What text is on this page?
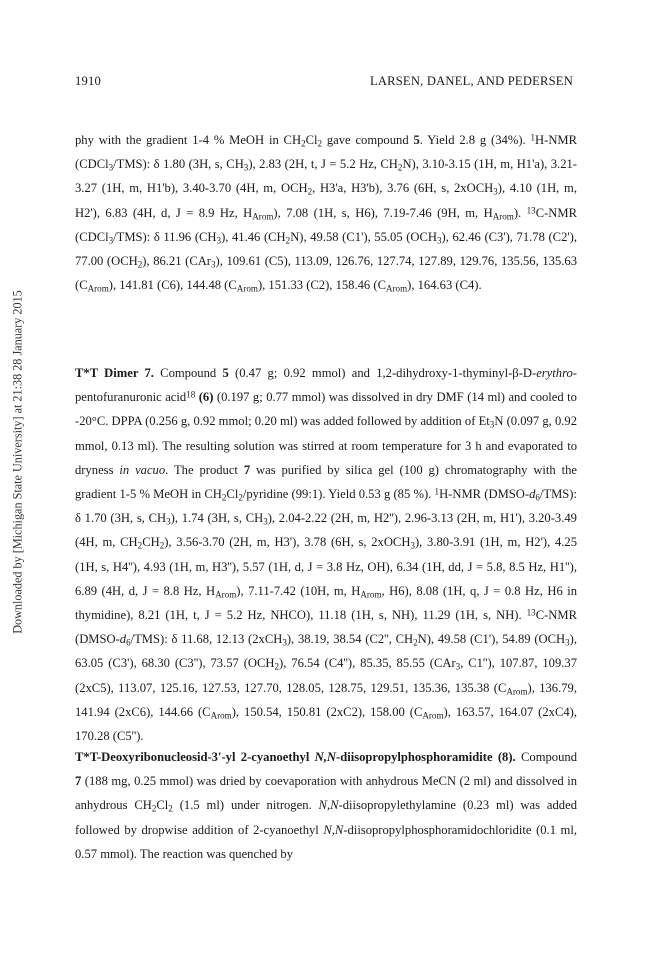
1910	LARSEN, DANEL, AND PEDERSEN
Downloaded by [Michigan State University] at 21:38 28 January 2015

phy with the gradient 1-4 % MeOH in $CH_2Cl_2$ gave compound 5. Yield 2.8 g (34%). $^1$H-NMR (CDCl$_3$/TMS): δ 1.80 (3H, s, $CH_3$), 2.83 (2H, t, J = 5.2 Hz, $CH_2N$), 3.10-3.15 (1H, m, H1'a), 3.21-3.27 (1H, m, H1'b), 3.40-3.70 (4H, m, $OCH_2$, H3'a, H3'b), 3.76 (6H, s, 2xOCH$_3$), 4.10 (1H, m, H2'), 6.83 (4H, d, J = 8.9 Hz, $H_{Arom}$), 7.08 (1H, s, H6), 7.19-7.46 (9H, m, $H_{Arom}$). $^{13}$C-NMR (CDCl$_3$/TMS): δ 11.96 $(CH_3)$, 41.46 $(CH_2N)$, 49.58 (C1'), 55.05 $(OCH_3)$, 62.46 (C3'), 71.78 (C2'), 77.00 $(OCH_2)$, 86.21 (CAr$_3$), 109.61 (C5), 113.09, 126.76, 127.74, 127.89, 129.76, 135.56, 135.63 $(C_{Arom})$, 141.81 (C6), 144.48 $(C_{Arom})$, 151.33 (C2), 158.46 $(C_{Arom})$, 164.63 (C4).

T*T Dimer 7. Compound 5 (0.47 g; 0.92 mmol) and 1,2-dihydroxy-1-thyminyl-β-D-erythro-pentofuranuronic acid$^{18}$ (6) (0.197 g; 0.77 mmol) was dissolved in dry DMF (14 ml) and cooled to -20°C. DPPA (0.256 g, 0.92 mmol; 0.20 ml) was added followed by addition of $Et_3N$ (0.097 g, 0.92 mmol, 0.13 ml). The resulting solution was stirred at room temperature for 3 h and evaporated to dryness in vacuo. The product 7 was purified by silica gel (100 g) chromatography with the gradient 1-5 % MeOH in $CH_2Cl_2$/pyridine (99:1). Yield 0.53 g (85 %). $^1$H-NMR $(DMSO-d_6/TMS)$: δ 1.70 (3H, s, $CH_3$), 1.74 (3H, s, $CH_3$), 2.04-2.22 (2H, m, H2''), 2.96-3.13 (2H, m, H1'), 3.20-3.49 (4H, m, $CH_2CH_2$), 3.56-3.70 (2H, m, H3'), 3.78 (6H, s, 2xOCH$_3$), 3.80-3.91 (1H, m, H2'), 4.25 (1H, s, H4''), 4.93 (1H, m, H3''), 5.57 (1H, d, J = 3.8 Hz, OH), 6.34 (1H, dd, J = 5.8, 8.5 Hz, H1''), 6.89 (4H, d, J = 8.8 Hz, $H_{Arom}$), 7.11-7.42 (10H, m, $H_{Arom}$, H6), 8.08 (1H, q, J = 0.8 Hz, H6 in thymidine), 8.21 (1H, t, J = 5.2 Hz, NHCO), 11.18 (1H, s, NH), 11.29 (1H, s, NH). $^{13}$C-NMR $(DMSO-d_6/TMS)$: δ 11.68, 12.13 (2xCH$_3$), 38.19, 38.54 (C2'', $CH_2N$), 49.58 (C1'), 54.89 $(OCH_3)$, 63.05 (C3'), 68.30 (C3''), 73.57 $(OCH_2)$, 76.54 (C4''), 85.35, 85.55 (CAr$_3$, C1''), 107.87, 109.37 (2xC5), 113.07, 125.16, 127.53, 127.70, 128.05, 128.75, 129.51, 135.36, 135.38 $(C_{Arom})$, 136.79, 141.94 (2xC6), 144.66 $(C_{Arom})$, 150.54, 150.81 (2xC2), 158.00 $(C_{Arom})$, 163.57, 164.07 (2xC4), 170.28 (C5'').

T*T-Deoxyribonucleosid-3'-yl 2-cyanoethyl N,N-diisopropylphosphoramidite (8). Compound 7 (188 mg, 0.25 mmol) was dried by coevaporation with anhydrous MeCN (2 ml) and dissolved in anhydrous $CH_2Cl_2$ (1.5 ml) under nitrogen. N,N-diisopropylethylamine (0.23 ml) was added followed by dropwise addition of 2-cyanoethyl N,N-diisopropylphosphoramidochloridite (0.1 ml, 0.57 mmol). The reaction was quenched by
